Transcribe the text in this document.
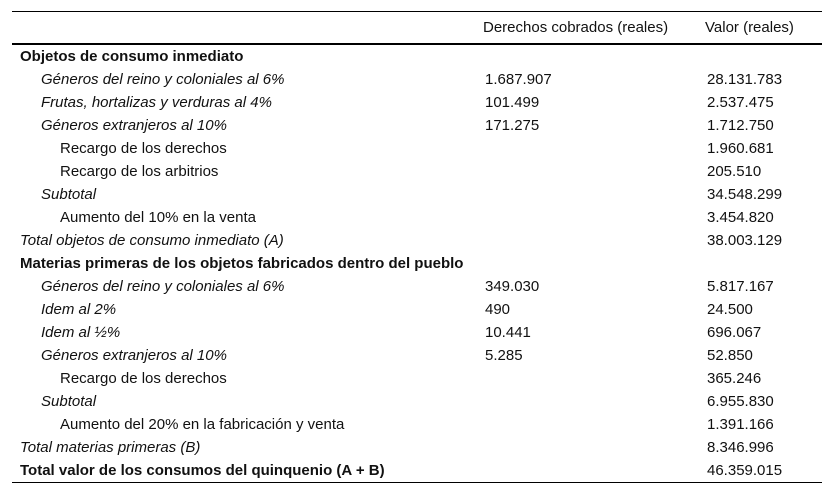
	Derechos cobrados (reales)	Valor (reales)
Objetos de consumo inmediato		
Géneros del reino y coloniales al 6%	1.687.907	28.131.783
Frutas, hortalizas y verduras al 4%	101.499	2.537.475
Géneros extranjeros al 10%	171.275	1.712.750
Recargo de los derechos		1.960.681
Recargo de los arbitrios		205.510
Subtotal		34.548.299
Aumento del 10% en la venta		3.454.820
Total objetos de consumo inmediato (A)		38.003.129
Materias primeras de los objetos fabricados dentro del pueblo		
Géneros del reino y coloniales al 6%	349.030	5.817.167
Idem al 2%	490	24.500
Idem al ½%	10.441	696.067
Géneros extranjeros al 10%	5.285	52.850
Recargo de los derechos		365.246
Subtotal		6.955.830
Aumento del 20% en la fabricación y venta		1.391.166
Total materias primeras (B)		8.346.996
Total valor de los consumos del quinquenio (A + B)		46.359.015
